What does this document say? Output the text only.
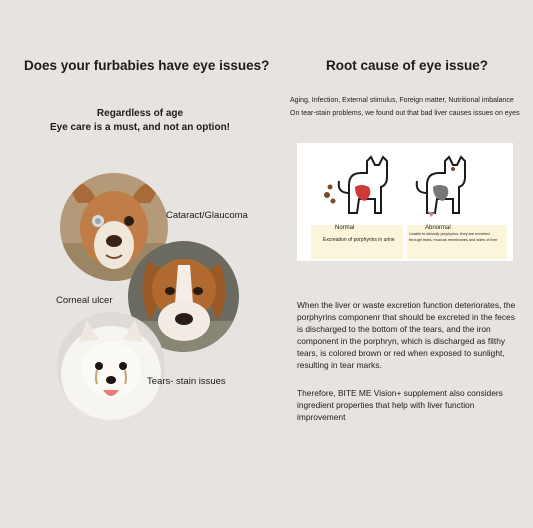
Does your furbabies have eye issues?
Regardless of age
Eye care is a must, and not an option!
Cataract/Glaucoma
Corneal ulcer
Tears- stain issues
Root cause of eye issue?
Aging, Infection, External stimulus, Foreign matter, Nutritional imbalance
On tear-stain problems, we found out that bad liver causes issues on eyes
Normal
Excreation of porphyrins in urine
Abnormal
Unable to detoxify porphyrins, they are excreted
through tears, mucous membranes and sides of liver
When the liver or waste excretion function deteriorates, the porphyrins componenr that should be excreted in the feces is discharged to the bottom of the tears, and the iron component in the porphryn, which is discharged as filthy tears, is colored brown or red when exposed to sunlight, resulting in tear marks.
Therefore, BITE ME Vision+ supplement also considers ingredient properties that help with liver function improvement
